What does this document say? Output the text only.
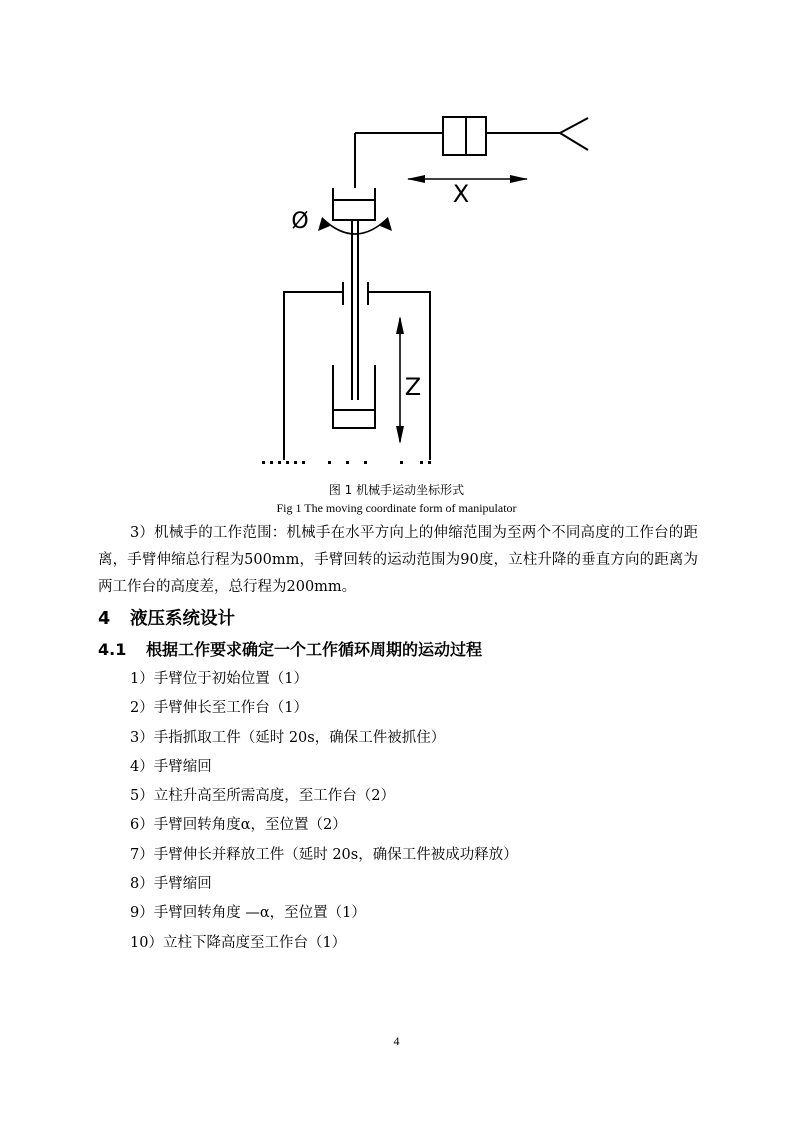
X
Z
Ø
图 1 机械手运动坐标形式
Fig 1 The moving coordinate form of manipulator
3）机械手的工作范围：机械手在水平方向上的伸缩范围为至两个不同高度的工作台的距离，手臂伸缩总行程为500mm，手臂回转的运动范围为90度，立柱升降的垂直方向的距离为两工作台的高度差，总行程为200mm。
4 液压系统设计
4.1 根据工作要求确定一个工作循环周期的运动过程
1）手臂位于初始位置（1）
2）手臂伸长至工作台（1）
3）手指抓取工件（延时 20s，确保工件被抓住）
4）手臂缩回
5）立柱升高至所需高度，至工作台（2）
6）手臂回转角度α，至位置（2）
7）手臂伸长并释放工件（延时 20s，确保工件被成功释放）
8）手臂缩回
9）手臂回转角度 —α，至位置（1）
10）立柱下降高度至工作台（1）
4
